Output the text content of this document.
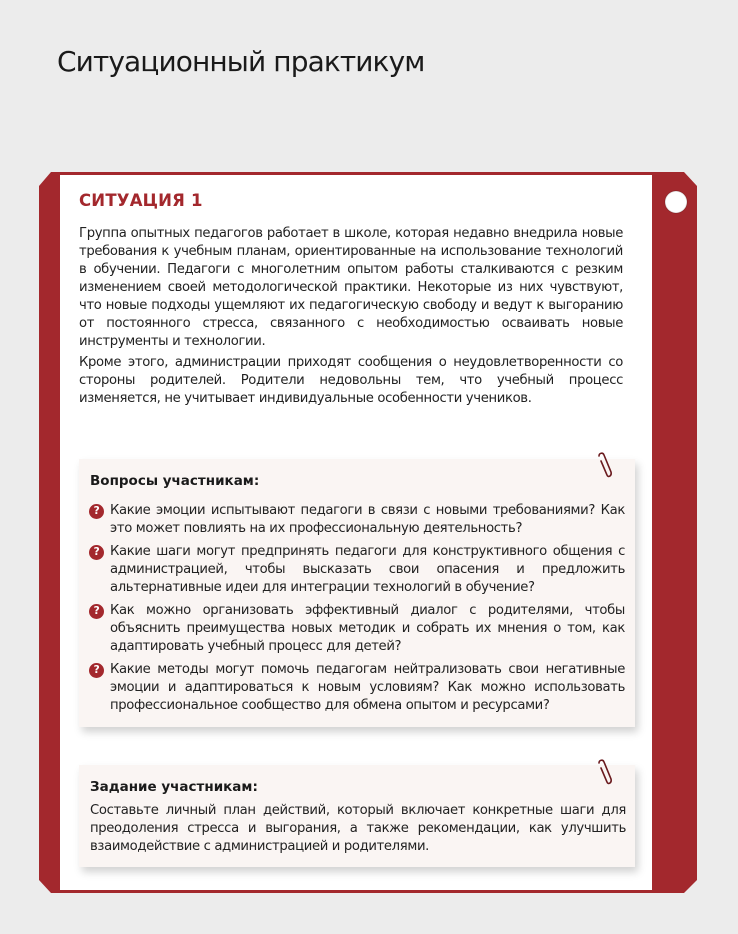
Ситуационный практикум
СИТУАЦИЯ 1

Группа опытных педагогов работает в школе, которая недавно внедрила новые требования к учебным планам, ориентированные на использование технологий в обучении. Педагоги с многолетним опытом работы сталкиваются с резким изменением своей методологической практики. Некоторые из них чувствуют, что новые подходы ущемляют их педагогическую свободу и ведут к выгоранию от постоянного стресса, связанного с необходимостью осваивать новые инструменты и технологии.

Кроме этого, администрации приходят сообщения о неудовлетворенности со стороны родителей. Родители недовольны тем, что учебный процесс изменяется, не учитывает индивидуальные особенности учеников.

Вопросы участникам:
? Какие эмоции испытывают педагоги в связи с новыми требованиями? Как это может повлиять на их профессиональную деятельность?
? Какие шаги могут предпринять педагоги для конструктивного общения с администрацией, чтобы высказать свои опасения и предложить альтернативные идеи для интеграции технологий в обучение?
? Как можно организовать эффективный диалог с родителями, чтобы объяснить преимущества новых методик и собрать их мнения о том, как адаптировать учебный процесс для детей?
? Какие методы могут помочь педагогам нейтрализовать свои негативные эмоции и адаптироваться к новым условиям? Как можно использовать профессиональное сообщество для обмена опытом и ресурсами?
Задание участникам:

Составьте личный план действий, который включает конкретные шаги для преодоления стресса и выгорания, а также рекомендации, как улучшить взаимодействие с администрацией и родителями.
